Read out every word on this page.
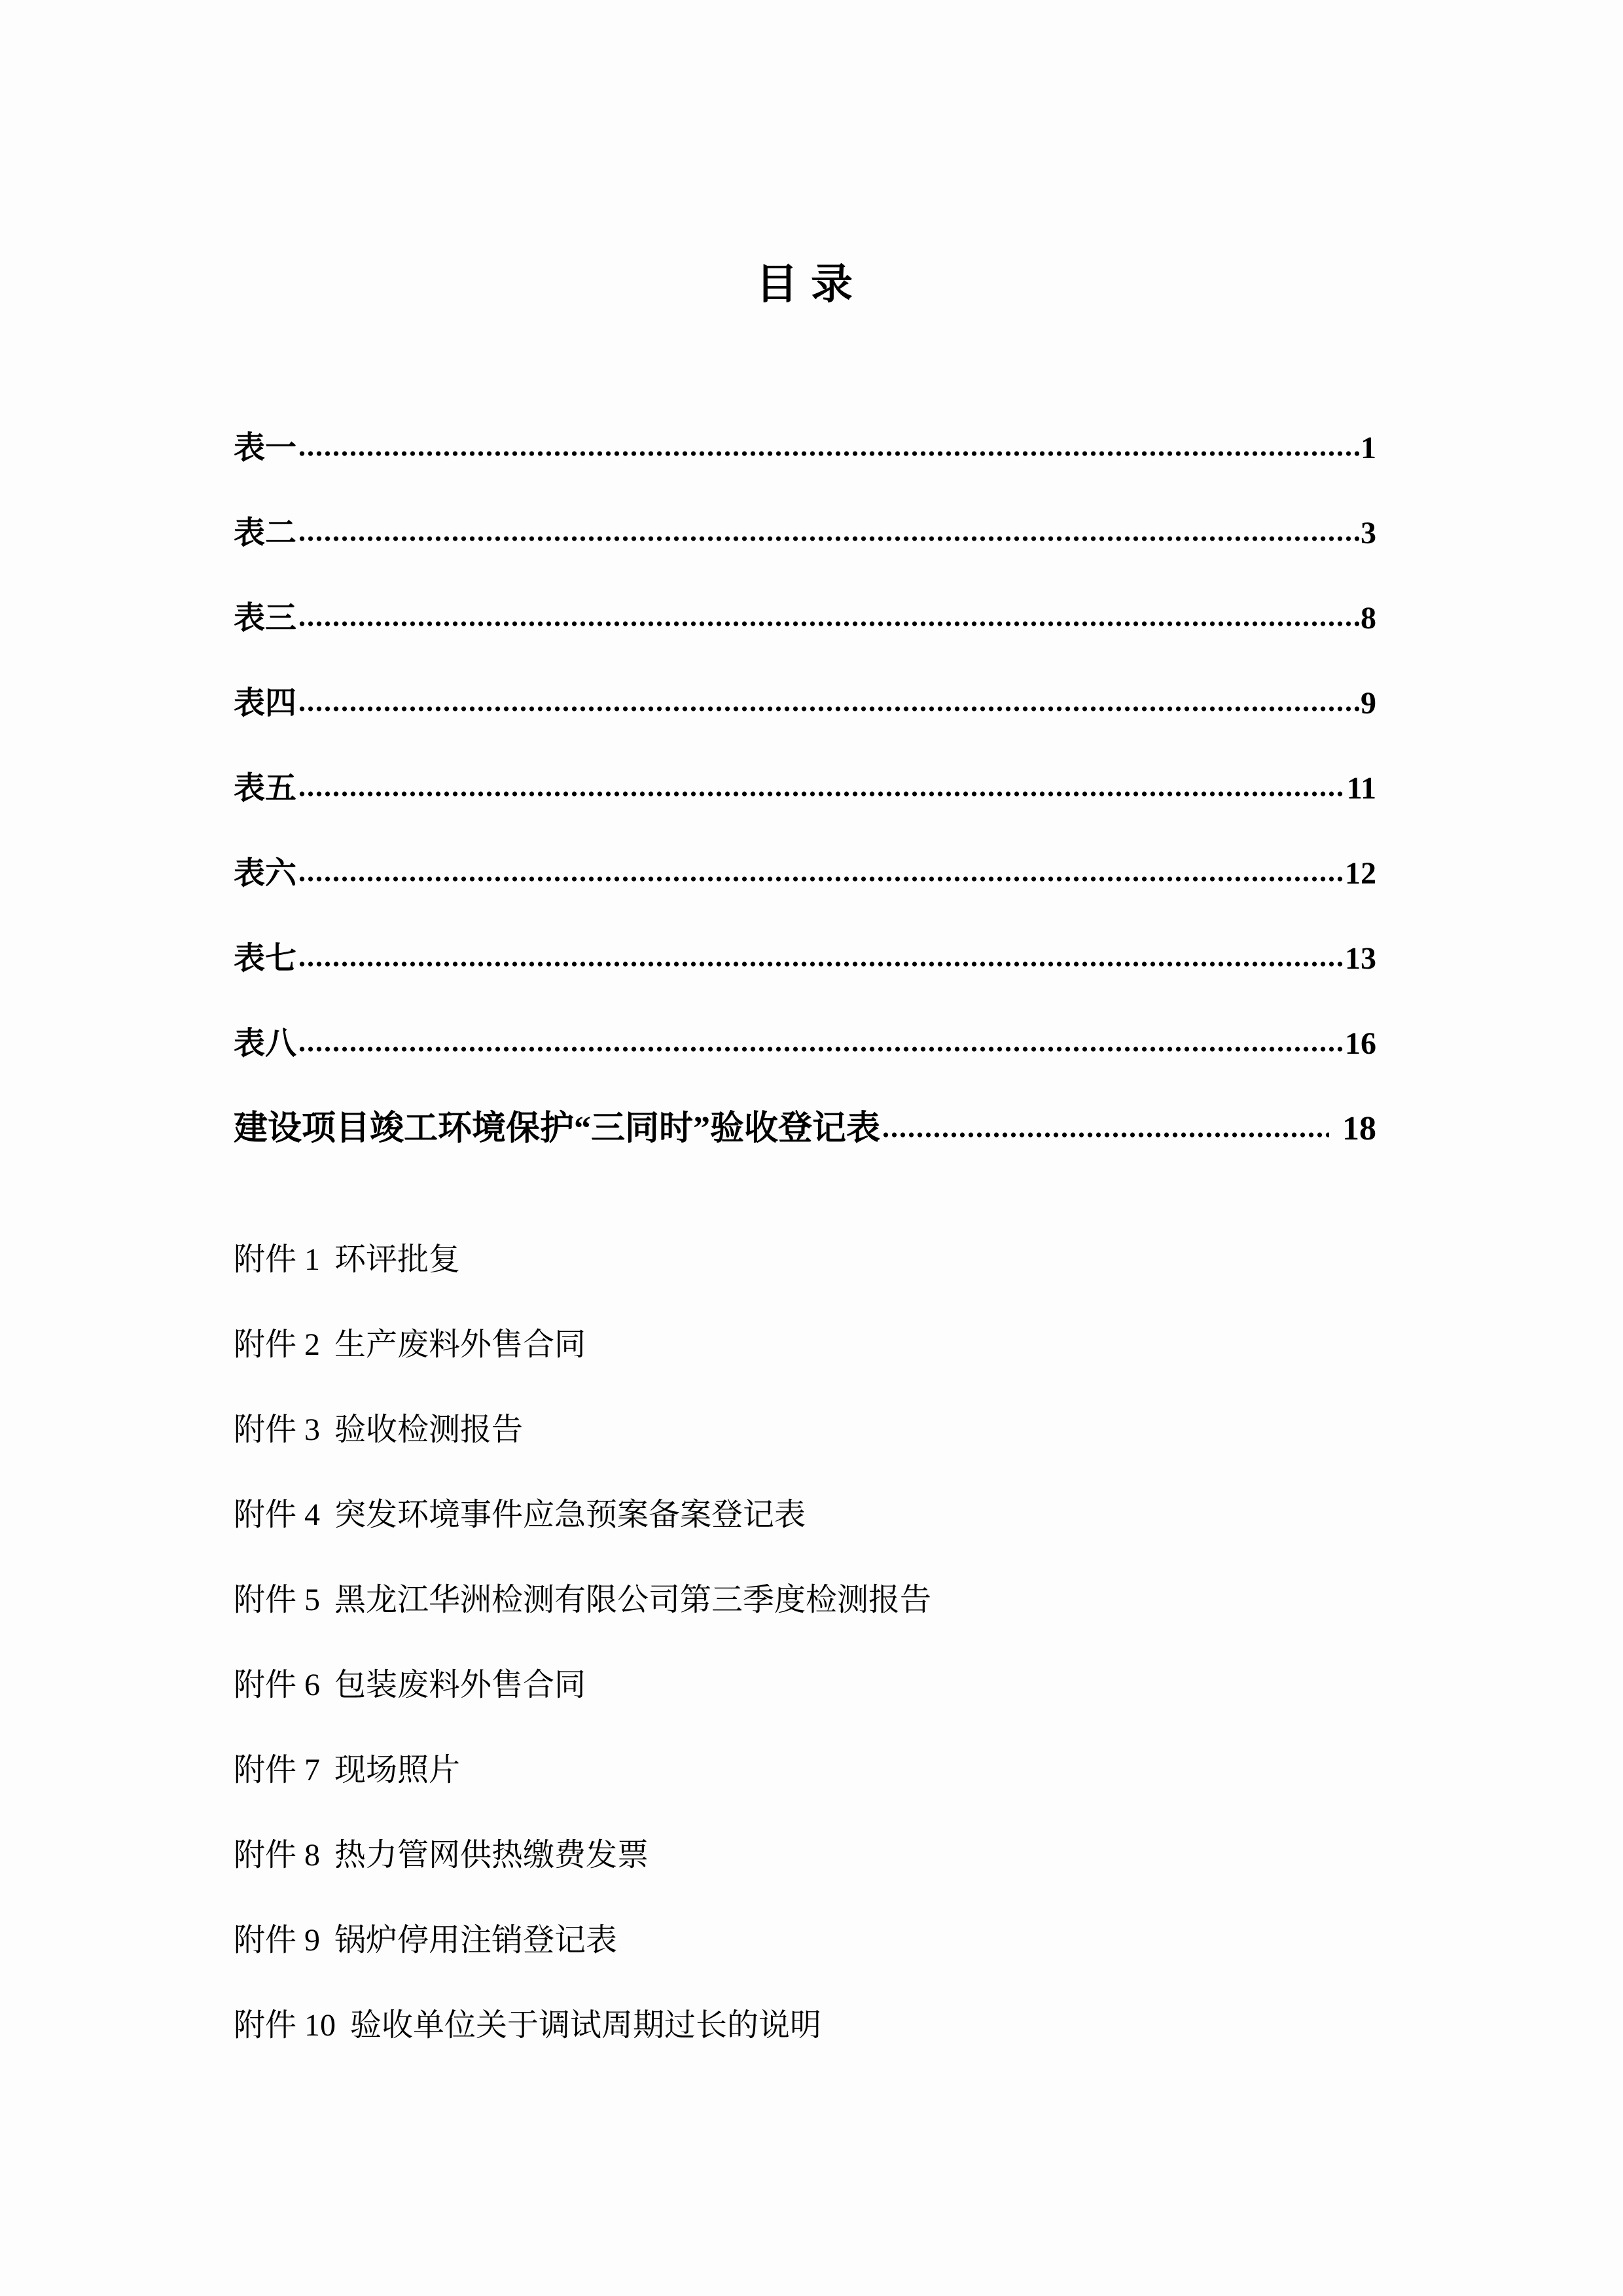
目 录
表一	1
表二	3
表三	8
表四	9
表五	11
表六	12
表七	13
表八	16
建设项目竣工环境保护“三同时”验收登记表	18
附件 1 环评批复
附件 2 生产废料外售合同
附件 3 验收检测报告
附件 4 突发环境事件应急预案备案登记表
附件 5 黑龙江华洲检测有限公司第三季度检测报告
附件 6 包装废料外售合同
附件 7 现场照片
附件 8 热力管网供热缴费发票
附件 9 锅炉停用注销登记表
附件 10 验收单位关于调试周期过长的说明
